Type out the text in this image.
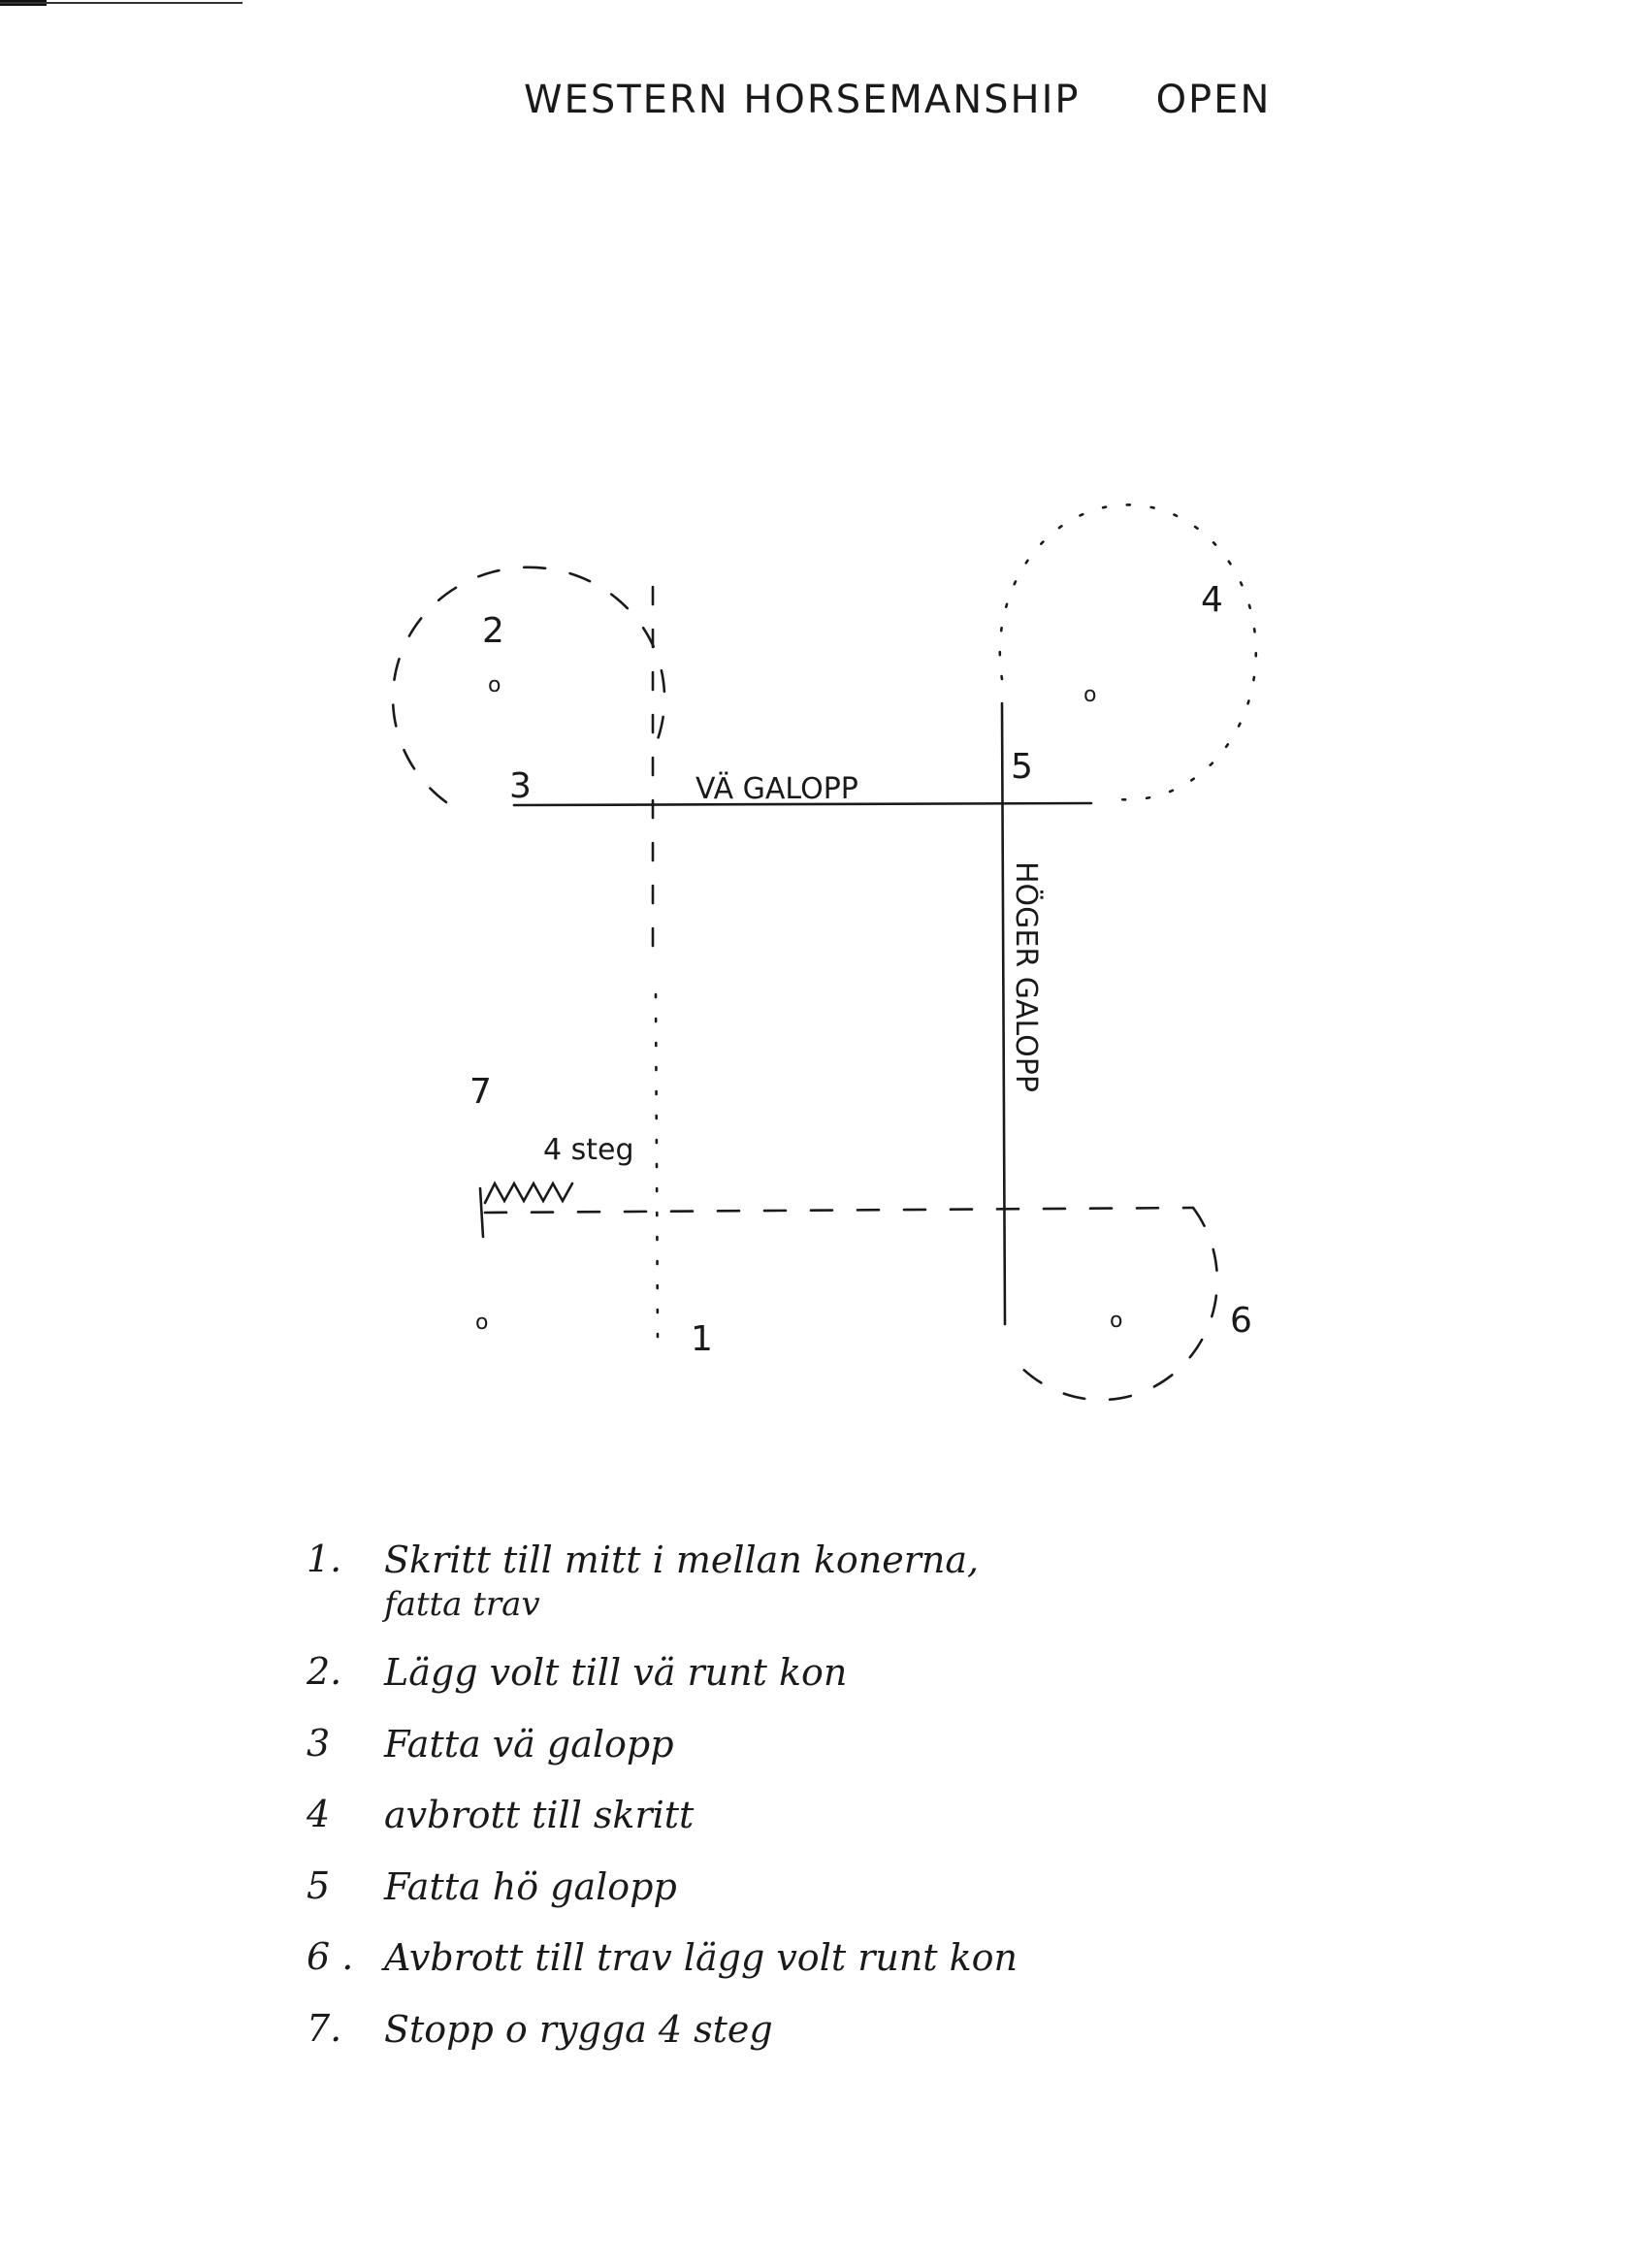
WESTERN HORSEMANSHIP OPEN
o	o
o	o
1
2
3
4
5
6
7
VÄ GALOPP
HÖGER GALOPP
4 steg
1.	Skritt till mitt i mellan konerna,
fatta trav
2.	Lägg volt till vä runt kon
3	Fatta vä galopp
4	avbrott till skritt
5	Fatta hö galopp
6 . Avbrott till trav lägg volt runt kon
7.	Stopp o rygga 4 steg
